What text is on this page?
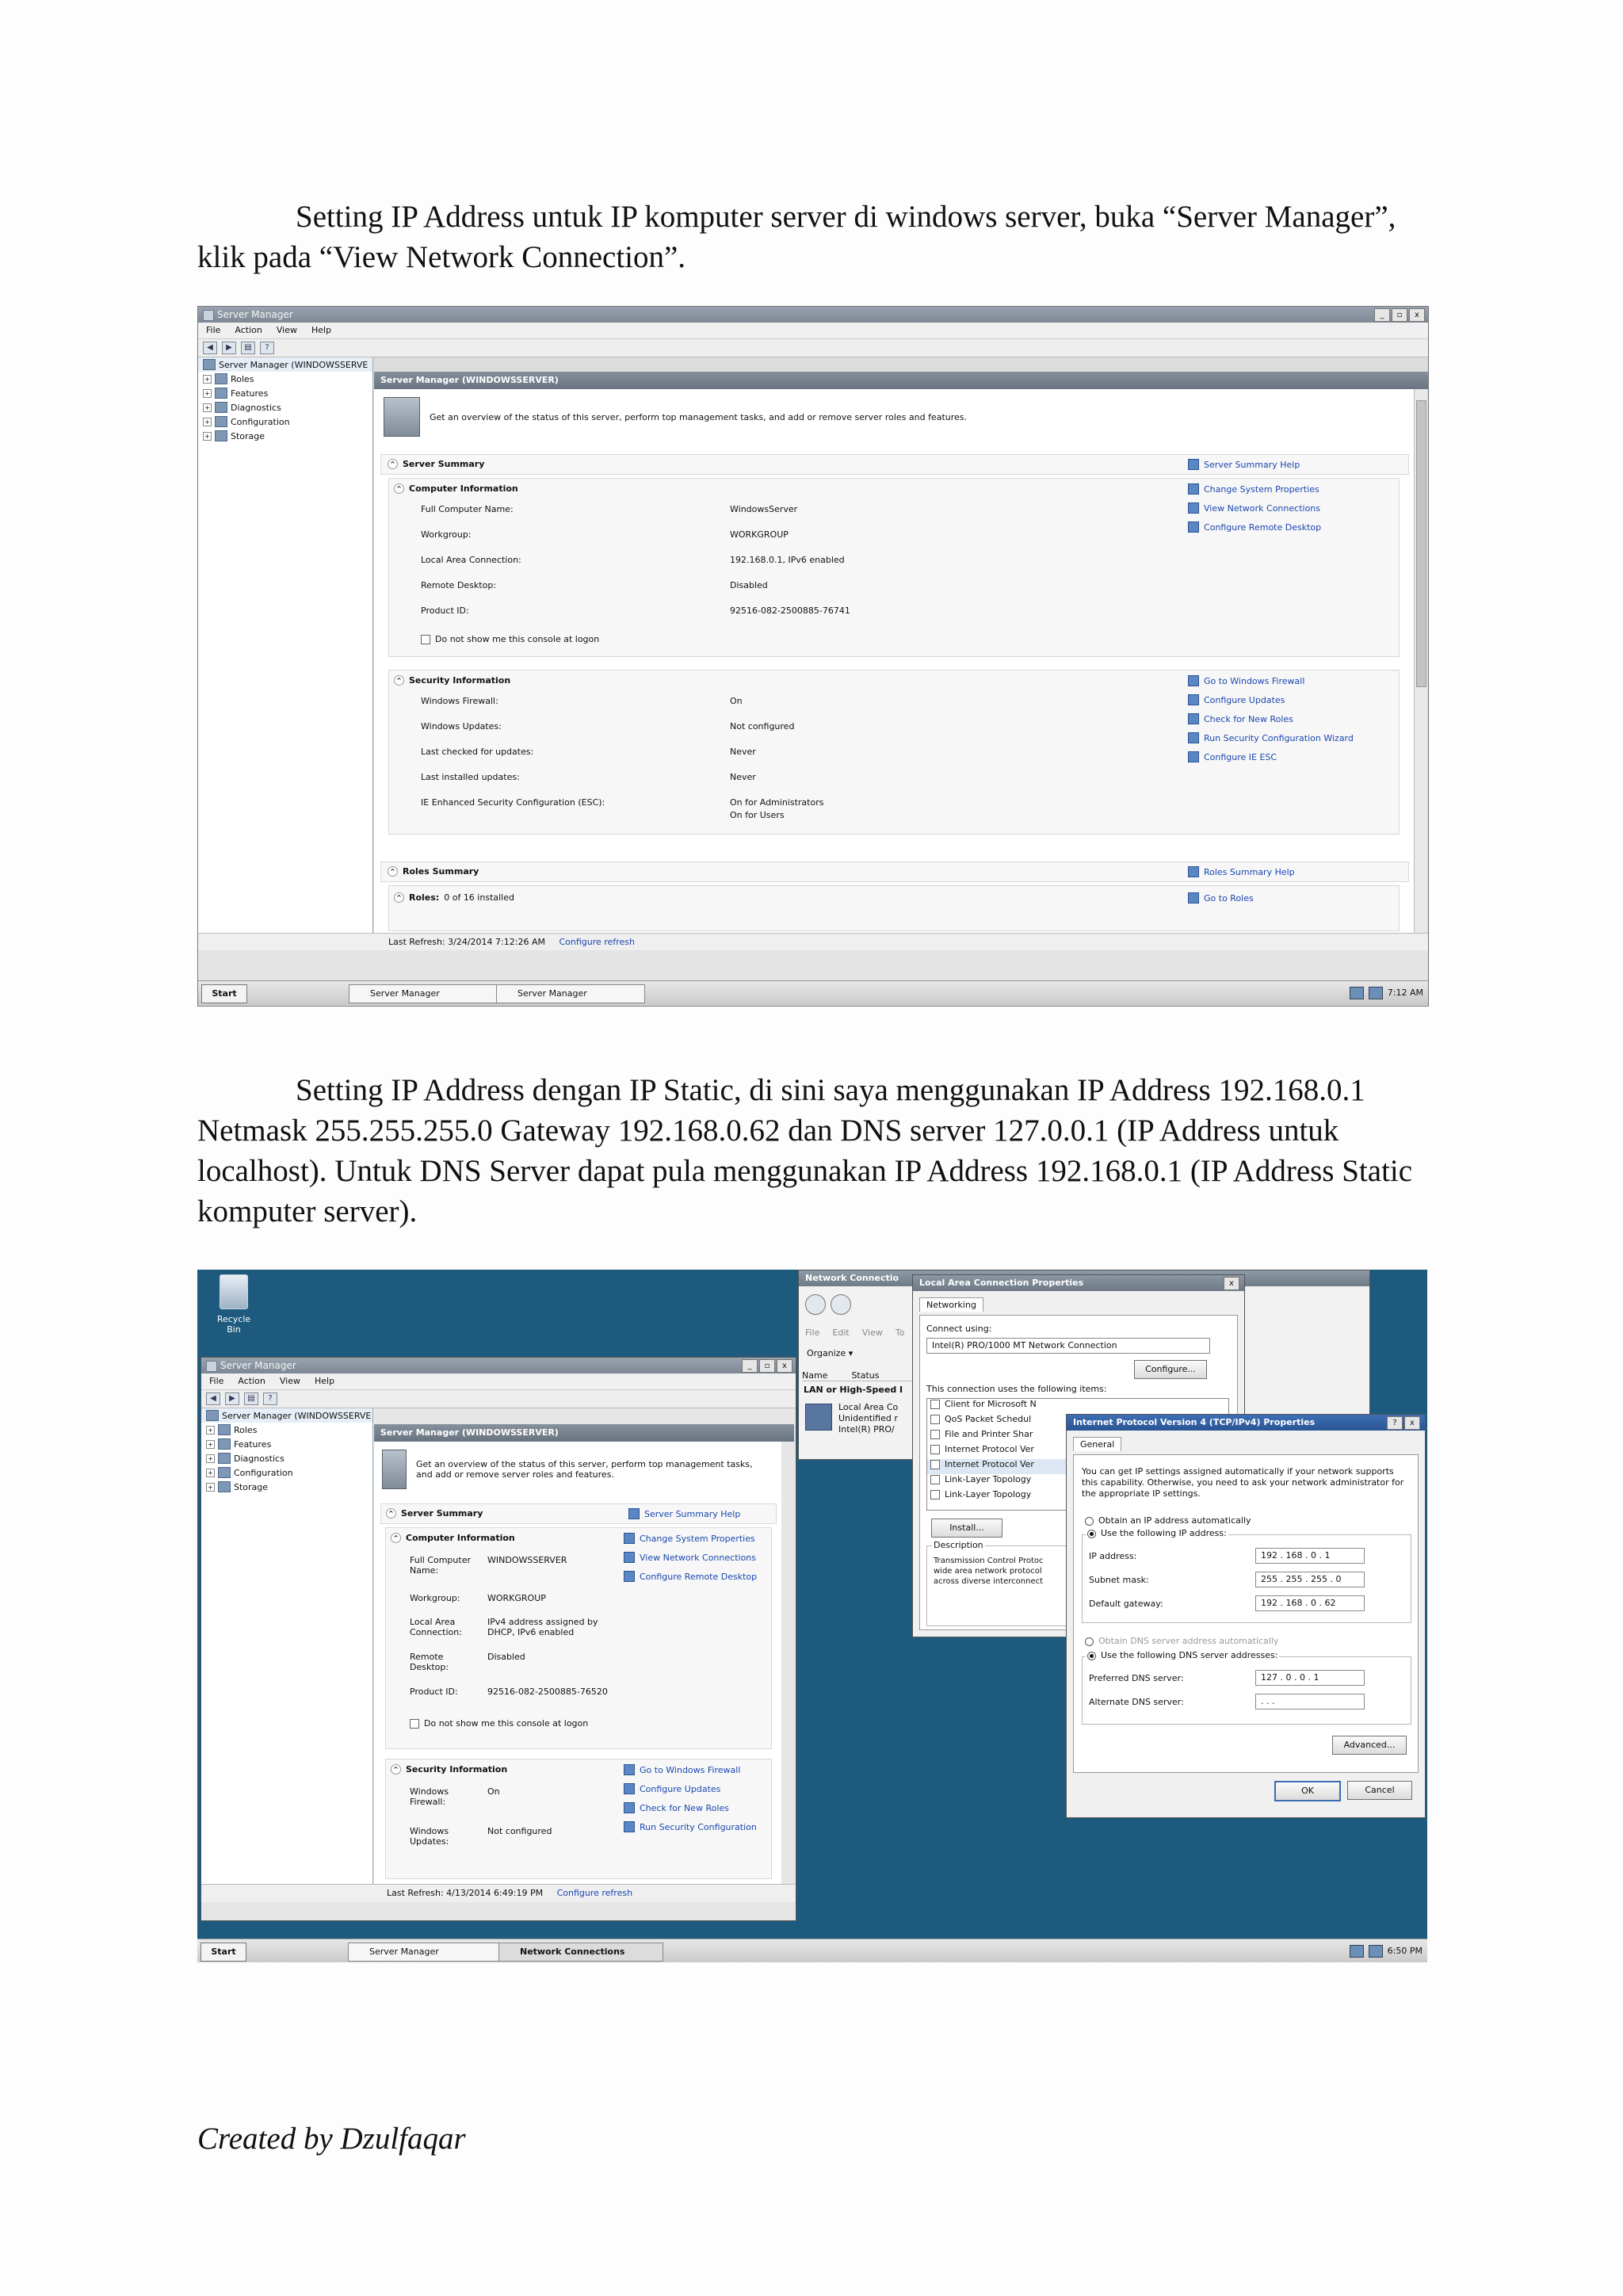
Setting IP Address untuk IP komputer server di windows server, buka “Server Manager”, klik pada “View Network Connection”.
Server Manager	_	▫	x
File Action View Help
◀	▶	▤	?
Server Manager (WINDOWSSERVE
+ Roles
+ Features
+ Diagnostics
+ Configuration
+ Storage
Server Manager (WINDOWSSERVER)
Get an overview of the status of this server, perform top management tasks, and add or remove server roles and features.
^ Server Summary	Server Summary Help
^ Computer Information
Full Computer Name:	WindowsServer
Workgroup:	WORKGROUP
Local Area Connection:	192.168.0.1, IPv6 enabled
Remote Desktop:	Disabled
Product ID:	92516-082-2500885-76741
Do not show me this console at logon
Change System Properties
View Network Connections
Configure Remote Desktop
^ Security Information
Windows Firewall:	On
Windows Updates:	Not configured
Last checked for updates:	Never
Last installed updates:	Never
IE Enhanced Security Configuration (ESC):	On for Administrators
On for Users
Go to Windows Firewall
Configure Updates
Check for New Roles
Run Security Configuration Wizard
Configure IE ESC
^ Roles Summary	Roles Summary Help
^ Roles: 0 of 16 installed	Go to Roles
Last Refresh: 3/24/2014 7:12:26 AM Configure refresh
Start	Server Manager	Server Manager	7:12 AM
Setting IP Address dengan IP Static, di sini saya menggunakan IP Address 192.168.0.1 Netmask 255.255.255.0 Gateway 192.168.0.62 dan DNS server 127.0.0.1 (IP Address untuk localhost). Untuk DNS Server dapat pula menggunakan IP Address 192.168.0.1 (IP Address Static komputer server).
Recycle Bin
Server Manager	_	▫	x
File Action View Help
◀	▶	▤	?
Server Manager (WINDOWSSERVE
+ Roles
+ Features
+ Diagnostics
+ Configuration
+ Storage
Server Manager (WINDOWSSERVER)
Get an overview of the status of this server, perform top management tasks, and add or remove server roles and features.
^ Server Summary	Server Summary Help
^ Computer Information
Full Computer Name:
WINDOWSSERVER
Workgroup:	WORKGROUP
Local Area Connection:
IPv4 address assigned by DHCP, IPv6 enabled
Remote Desktop:
Disabled
Product ID:	92516-082-2500885-76520
Do not show me this console at logon
Change System Properties
View Network Connections
Configure Remote Desktop
^ Security Information
Windows Firewall:
On
Windows Updates:
Not configured
Go to Windows Firewall
Configure Updates
Check for New Roles
Run Security Configuration
Last Refresh: 4/13/2014 6:49:19 PM Configure refresh
Network Connectio
File Edit View To
Organize ▾
Name	Status
LAN or High-Speed I
Local Area Co
Unidentified r
Intel(R) PRO/
Local Area Connection Properties	x
Networking
Connect using:
Intel(R) PRO/1000 MT Network Connection
Configure...
This connection uses the following items:
Client for Microsoft N
QoS Packet Schedul
File and Printer Shar
Internet Protocol Ver
Internet Protocol Ver
Link-Layer Topology
Link-Layer Topology
Install...
Description
Transmission Control Protoc wide area network protocol across diverse interconnect
Internet Protocol Version 4 (TCP/IPv4) Properties	?	x
General
You can get IP settings assigned automatically if your network supports this capability. Otherwise, you need to ask your network administrator for the appropriate IP settings.
Obtain an IP address automatically
Use the following IP address:
IP address:	192 . 168 . 0 . 1
Subnet mask:	255 . 255 . 255 . 0
Default gateway:	192 . 168 . 0 . 62
Obtain DNS server address automatically
Use the following DNS server addresses:
Preferred DNS server:	127 . 0 . 0 . 1
Alternate DNS server:	. . .
Advanced...
OK	Cancel
Start	Server Manager	Network Connections	6:50 PM
Created by Dzulfaqar
